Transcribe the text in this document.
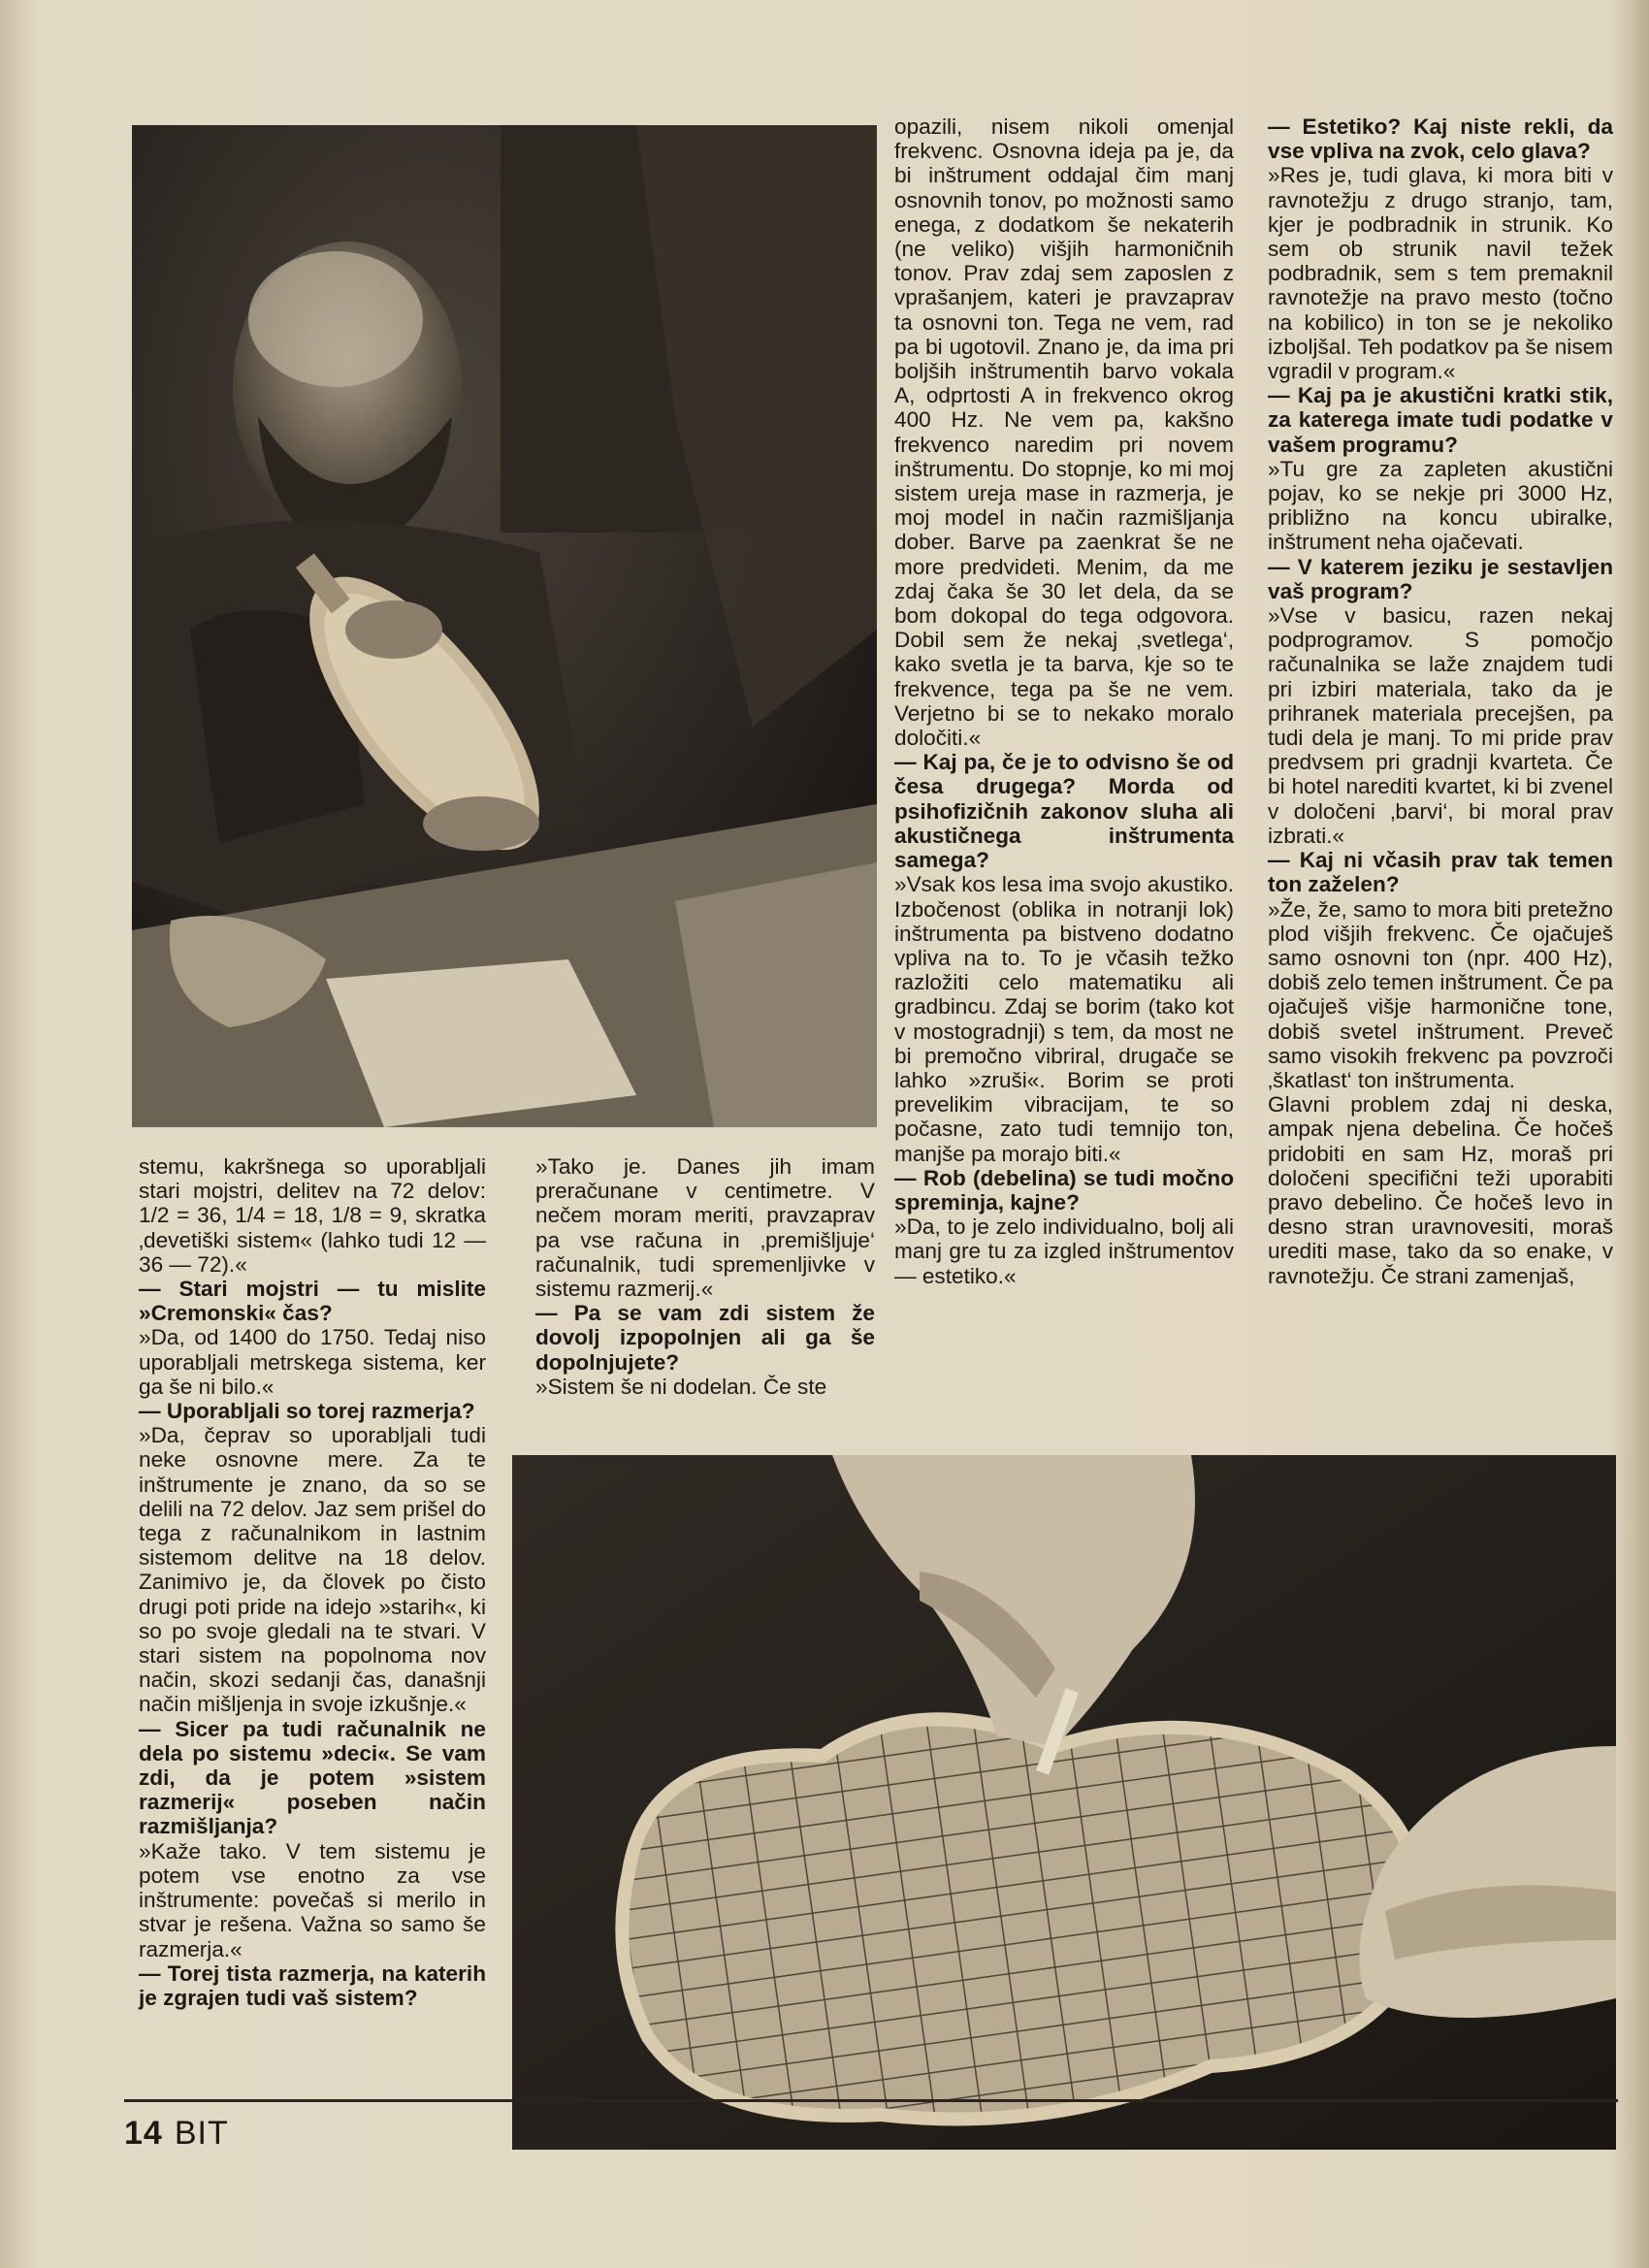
stemu, kakršnega so uporabljali stari mojstri, delitev na 72 delov: 1/2 = 36, 1/4 = 18, 1/8 = 9, skratka ‚devetiški sistem« (lahko tudi 12 — 36 — 72).«

— Stari mojstri — tu mislite »Cremonski« čas?

»Da, od 1400 do 1750. Tedaj niso uporabljali metrskega sistema, ker ga še ni bilo.«

— Uporabljali so torej razmerja?

»Da, čeprav so uporabljali tudi neke osnovne mere. Za te inštrumente je znano, da so se delili na 72 delov. Jaz sem prišel do tega z računalnikom in lastnim sistemom delitve na 18 delov. Zanimivo je, da človek po čisto drugi poti pride na idejo »starih«, ki so po svoje gledali na te stvari. V stari sistem na popolnoma nov način, skozi sedanji čas, današnji način mišljenja in svoje izkušnje.«

— Sicer pa tudi računalnik ne dela po sistemu »deci«. Se vam zdi, da je potem »sistem razmerij« poseben način razmišljanja?

»Kaže tako. V tem sistemu je potem vse enotno za vse inštrumente: povečaš si merilo in stvar je rešena. Važna so samo še razmerja.«

— Torej tista razmerja, na katerih je zgrajen tudi vaš sistem?

»Tako je. Danes jih imam preračunane v centimetre. V nečem moram meriti, pravzaprav pa vse računa in ‚premišljuje‘ računalnik, tudi spremenljivke v sistemu razmerij.«

— Pa se vam zdi sistem že dovolj izpopolnjen ali ga še dopolnjujete?

»Sistem še ni dodelan. Če ste

opazili, nisem nikoli omenjal frekvenc. Osnovna ideja pa je, da bi inštrument oddajal čim manj osnovnih tonov, po možnosti samo enega, z dodatkom še nekaterih (ne veliko) višjih harmoničnih tonov. Prav zdaj sem zaposlen z vprašanjem, kateri je pravzaprav ta osnovni ton. Tega ne vem, rad pa bi ugotovil. Znano je, da ima pri boljših inštrumentih barvo vokala A, odprtosti A in frekvenco okrog 400 Hz. Ne vem pa, kakšno frekvenco naredim pri novem inštrumentu. Do stopnje, ko mi moj sistem ureja mase in razmerja, je moj model in način razmišljanja dober. Barve pa zaenkrat še ne more predvideti. Menim, da me zdaj čaka še 30 let dela, da se bom dokopal do tega odgovora. Dobil sem že nekaj ‚svetlega‘, kako svetla je ta barva, kje so te frekvence, tega pa še ne vem. Verjetno bi se to nekako moralo določiti.«

— Kaj pa, če je to odvisno še od česa drugega? Morda od psihofizičnih zakonov sluha ali akustičnega inštrumenta samega?

»Vsak kos lesa ima svojo akustiko. Izbočenost (oblika in notranji lok) inštrumenta pa bistveno dodatno vpliva na to. To je včasih težko razložiti celo matematiku ali gradbincu. Zdaj se borim (tako kot v mostogradnji) s tem, da most ne bi premočno vibriral, drugače se lahko »zruši«. Borim se proti prevelikim vibracijam, te so počasne, zato tudi temnijo ton, manjše pa morajo biti.«

— Rob (debelina) se tudi močno spreminja, kajne?

»Da, to je zelo individualno, bolj ali manj gre tu za izgled inštrumentov — estetiko.«

— Estetiko? Kaj niste rekli, da vse vpliva na zvok, celo glava?

»Res je, tudi glava, ki mora biti v ravnotežju z drugo stranjo, tam, kjer je podbradnik in strunik. Ko sem ob strunik navil težek podbradnik, sem s tem premaknil ravnotežje na pravo mesto (točno na kobilico) in ton se je nekoliko izboljšal. Teh podatkov pa še nisem vgradil v program.«

— Kaj pa je akustični kratki stik, za katerega imate tudi podatke v vašem programu?

»Tu gre za zapleten akustični pojav, ko se nekje pri 3000 Hz, približno na koncu ubiralke, inštrument neha ojačevati.

— V katerem jeziku je sestavljen vaš program?

»Vse v basicu, razen nekaj podprogramov. S pomočjo računalnika se laže znajdem tudi pri izbiri materiala, tako da je prihranek materiala precejšen, pa tudi dela je manj. To mi pride prav predvsem pri gradnji kvarteta. Če bi hotel narediti kvartet, ki bi zvenel v določeni ‚barvi‘, bi moral prav izbrati.«

— Kaj ni včasih prav tak temen ton zaželen?

»Že, že, samo to mora biti pretežno plod višjih frekvenc. Če ojačuješ samo osnovni ton (npr. 400 Hz), dobiš zelo temen inštrument. Če pa ojačuješ višje harmonične tone, dobiš svetel inštrument. Preveč samo visokih frekvenc pa povzroči ‚škatlast‘ ton inštrumenta.

Glavni problem zdaj ni deska, ampak njena debelina. Če hočeš pridobiti en sam Hz, moraš pri določeni specifični teži uporabiti pravo debelino. Če hočeš levo in desno stran uravnovesiti, moraš urediti mase, tako da so enake, v ravnotežju. Če strani zamenjaš,

14 BIT
